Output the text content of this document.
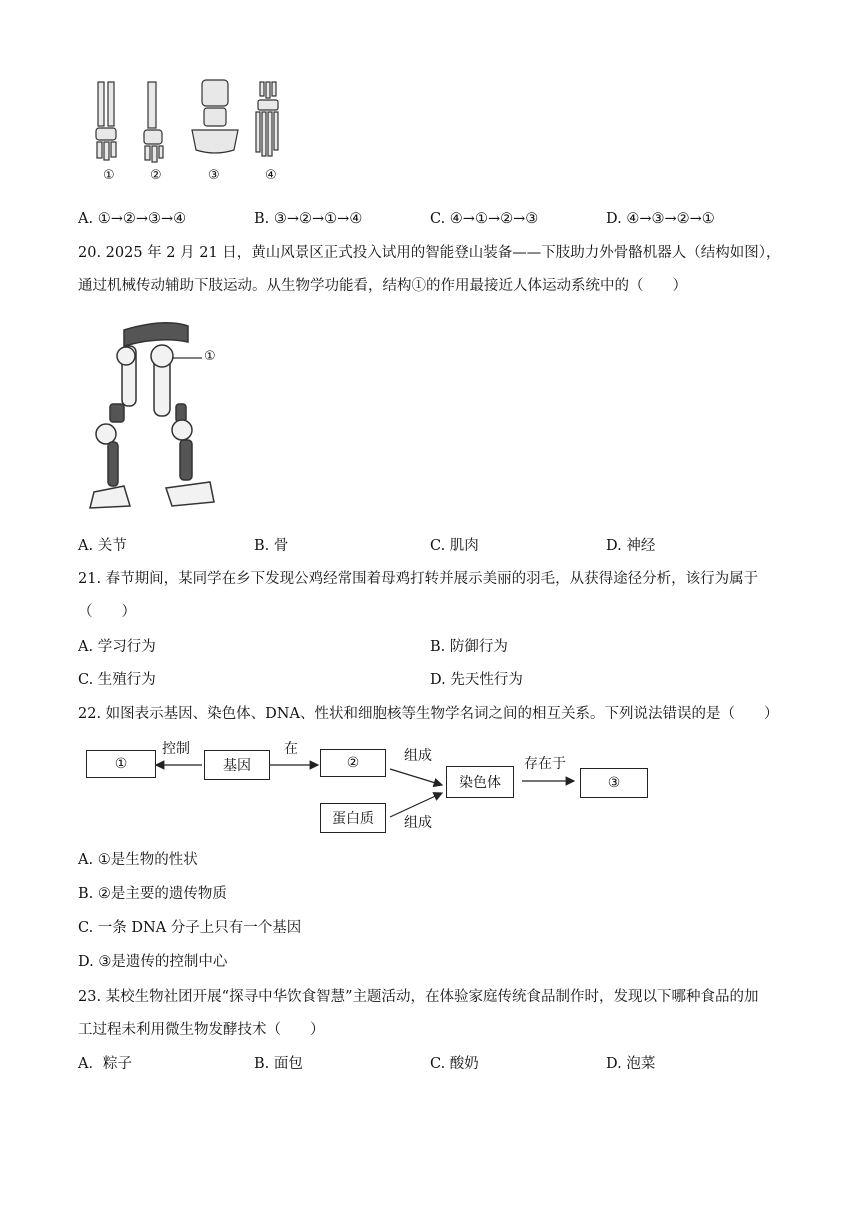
①	②	③	④
A. ①→②→③→④	B. ③→②→①→④	C. ④→①→②→③	D. ④→③→②→①
20. 2025 年 2 月 21 日，黄山风景区正式投入试用的智能登山装备——下肢助力外骨骼机器人（结构如图），
通过机械传动辅助下肢运动。从生物学功能看，结构①的作用最接近人体运动系统中的（　　）
①
A. 关节	B. 骨	C. 肌肉	D. 神经
21. 春节期间，某同学在乡下发现公鸡经常围着母鸡打转并展示美丽的羽毛，从获得途径分析，该行为属于
（　　）
A. 学习行为	B. 防御行为
C. 生殖行为	D. 先天性行为
22. 如图表示基因、染色体、DNA、性状和细胞核等生物学名词之间的相互关系。下列说法错误的是（　　）
①	基因	②
蛋白质
染色体	③
控制	在	组成
组成
存在于
A. ①是生物的性状
B. ②是主要的遗传物质
C. 一条 DNA 分子上只有一个基因
D. ③是遗传的控制中心
23. 某校生物社团开展“探寻中华饮食智慧”主题活动，在体验家庭传统食品制作时，发现以下哪种食品的加
工过程未利用微生物发酵技术（　　）
A．粽子	B. 面包	C. 酸奶	D. 泡菜
